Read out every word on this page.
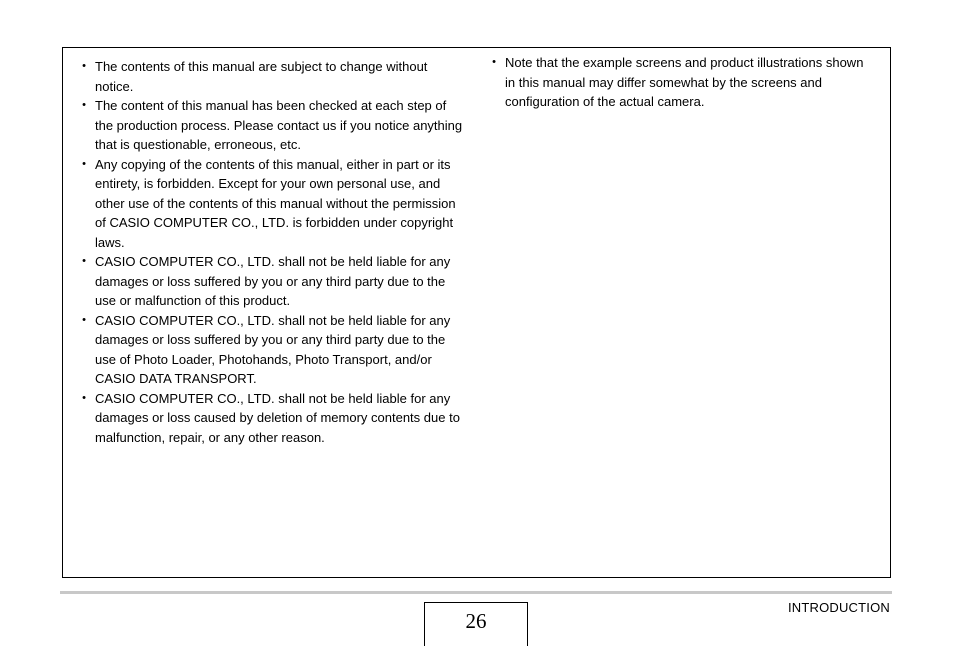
• The contents of this manual are subject to change without notice.
• The content of this manual has been checked at each step of the production process. Please contact us if you notice anything that is questionable, erroneous, etc.
• Any copying of the contents of this manual, either in part or its entirety, is forbidden. Except for your own personal use, and other use of the contents of this manual without the permission of CASIO COMPUTER CO., LTD. is forbidden under copyright laws.
• CASIO COMPUTER CO., LTD. shall not be held liable for any damages or loss suffered by you or any third party due to the use or malfunction of this product.
• CASIO COMPUTER CO., LTD. shall not be held liable for any damages or loss suffered by you or any third party due to the use of Photo Loader, Photohands, Photo Transport, and/or CASIO DATA TRANSPORT.
• CASIO COMPUTER CO., LTD. shall not be held liable for any damages or loss caused by deletion of memory contents due to malfunction, repair, or any other reason.
• Note that the example screens and product illustrations shown in this manual may differ somewhat by the screens and configuration of the actual camera.
26
INTRODUCTION
